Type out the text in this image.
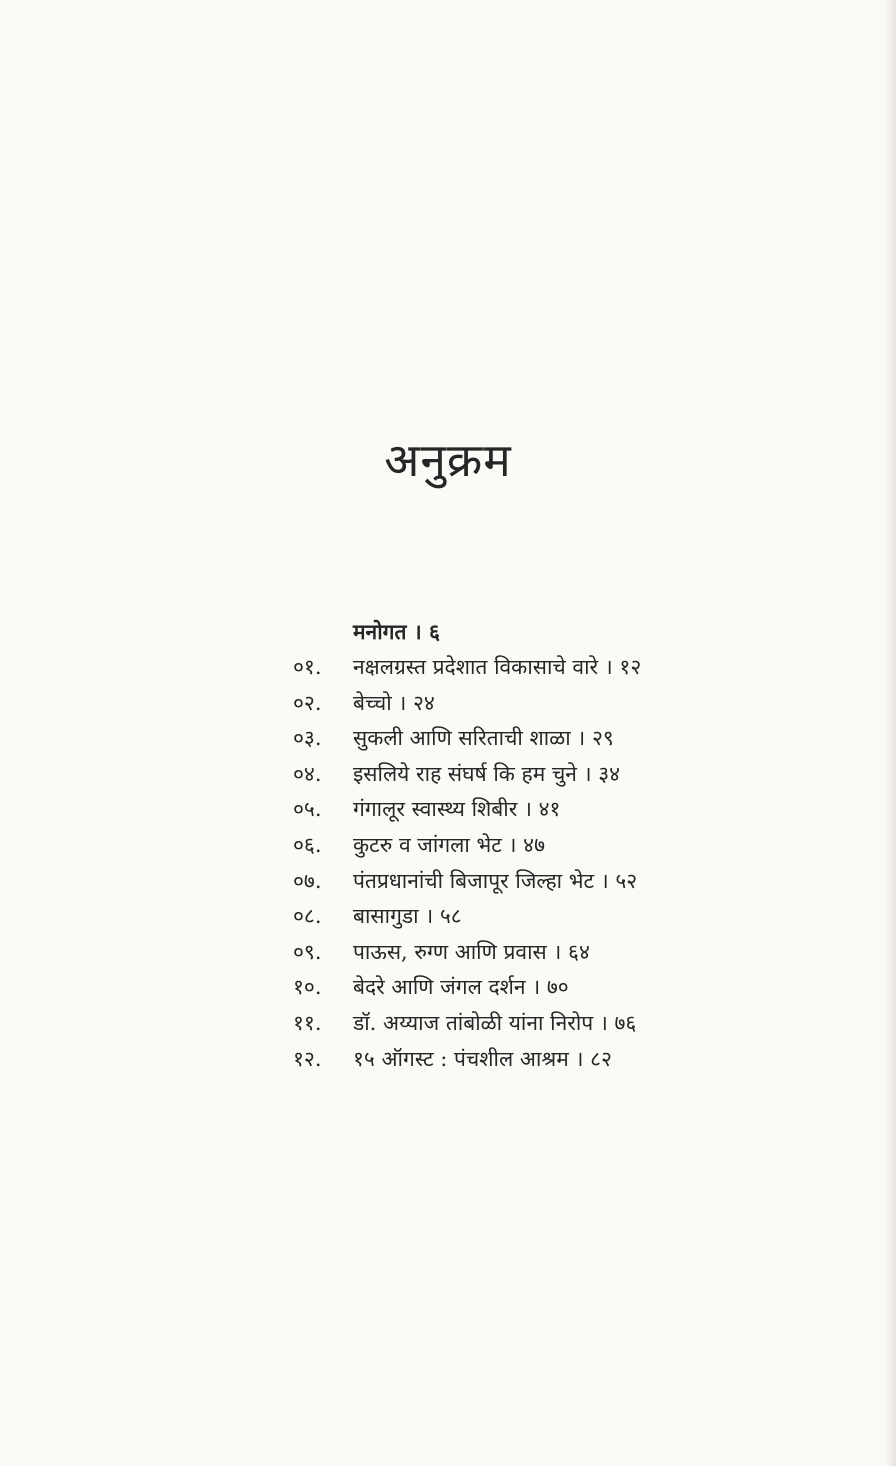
अनुक्रम
मनोगत । ६
०१. नक्षलग्रस्त प्रदेशात विकासाचे वारे । १२
०२. बेच्चो । २४
०३. सुकली आणि सरिताची शाळा । २९
०४. इसलिये राह संघर्ष कि हम चुने । ३४
०५. गंगालूर स्वास्थ्य शिबीर । ४१
०६. कुटरु व जांगला भेट । ४७
०७. पंतप्रधानांची बिजापूर जिल्हा भेट । ५२
०८. बासागुडा । ५८
०९. पाऊस, रुग्ण आणि प्रवास । ६४
१०. बेदरे आणि जंगल दर्शन । ७०
११. डॉ. अय्याज तांबोळी यांना निरोप । ७६
१२. १५ ऑगस्ट : पंचशील आश्रम । ८२
